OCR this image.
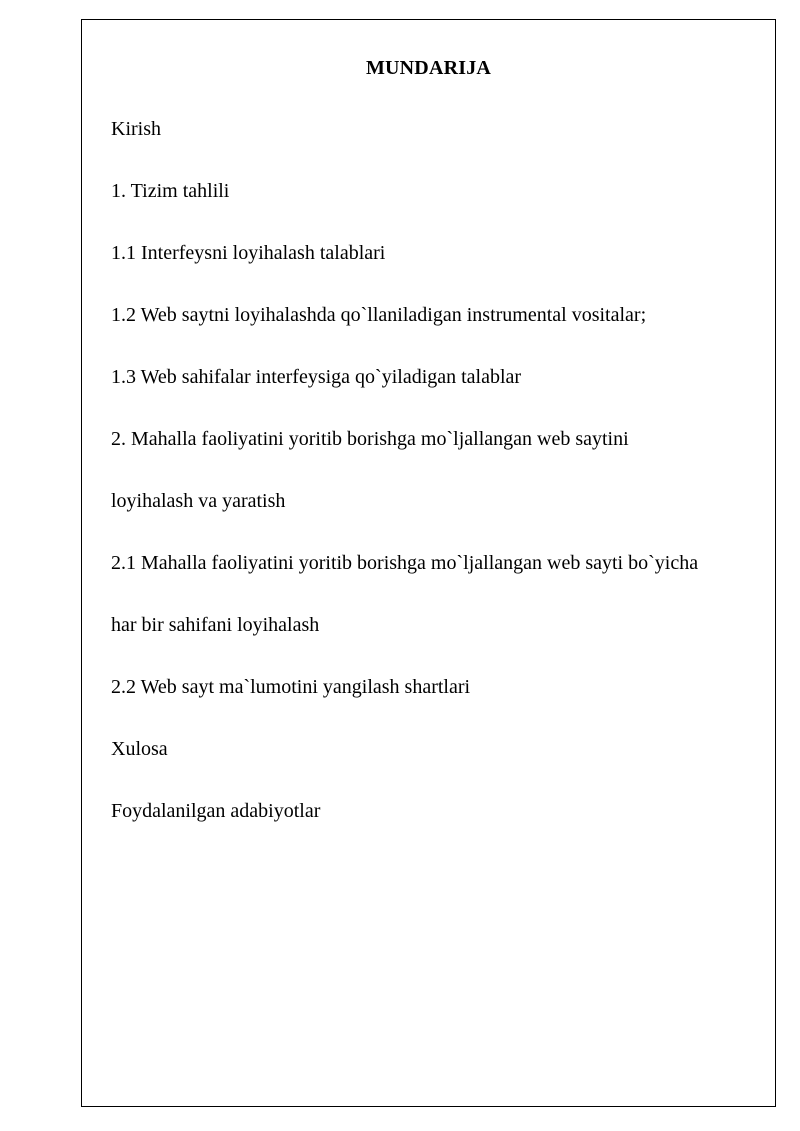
MUNDARIJA
Kirish
1. Tizim tahlili
1.1 Interfeysni loyihalash talablari
1.2 Web saytni loyihalashda qo`llaniladigan instrumental vositalar;
1.3 Web sahifalar interfeysiga qo`yiladigan talablar
2. Mahalla faoliyatini yoritib borishga mo`ljallangan web saytini
loyihalash va yaratish
2.1 Mahalla faoliyatini yoritib borishga mo`ljallangan web sayti bo`yicha
har bir sahifani loyihalash
2.2 Web sayt ma`lumotini yangilash shartlari
Xulosa
Foydalanilgan adabiyotlar
